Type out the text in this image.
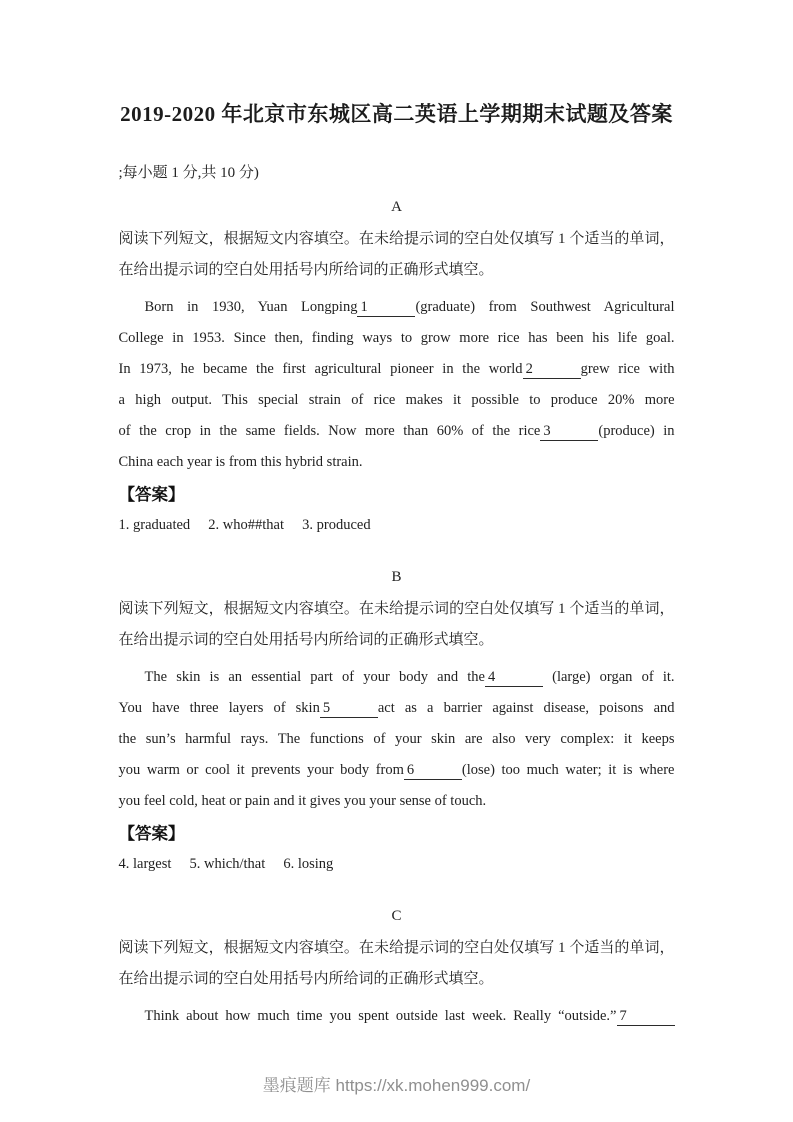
2019-2020 年北京市东城区高二英语上学期期末试题及答案
;每小题 1 分,共 10 分)
A
阅读下列短文，根据短文内容填空。在未给提示词的空白处仅填写 1 个适当的单词，在给出提示词的空白处用括号内所给词的正确形式填空。
Born in 1930, Yuan Longping 1	(graduate) from Southwest Agricultural
College in 1953. Since then, finding ways to grow more rice has been his life goal.
In 1973, he became the first agricultural pioneer in the world 2	grew rice with
a high output. This special strain of rice makes it possible to produce 20% more
of the crop in the same fields. Now more than 60% of the rice 3	(produce) in
China each year is from this hybrid strain.
【答案】
1. graduated     2. who##that     3. produced
B
阅读下列短文，根据短文内容填空。在未给提示词的空白处仅填写 1 个适当的单词，在给出提示词的空白处用括号内所给词的正确形式填空。
The skin is an essential part of your body and the 4	(large) organ of it.
You have three layers of skin 5	act as a barrier against disease, poisons and
the sun’s harmful rays. The functions of your skin are also very complex: it keeps
you warm or cool it prevents your body from 6	(lose) too much water; it is where
you feel cold, heat or pain and it gives you your sense of touch.
【答案】
4. largest     5. which/that     6. losing
C
阅读下列短文，根据短文内容填空。在未给提示词的空白处仅填写 1 个适当的单词，在给出提示词的空白处用括号内所给词的正确形式填空。
Think about how much time you spent outside last week. Really “outside.” 7
墨痕题库 https://xk.mohen999.com/
